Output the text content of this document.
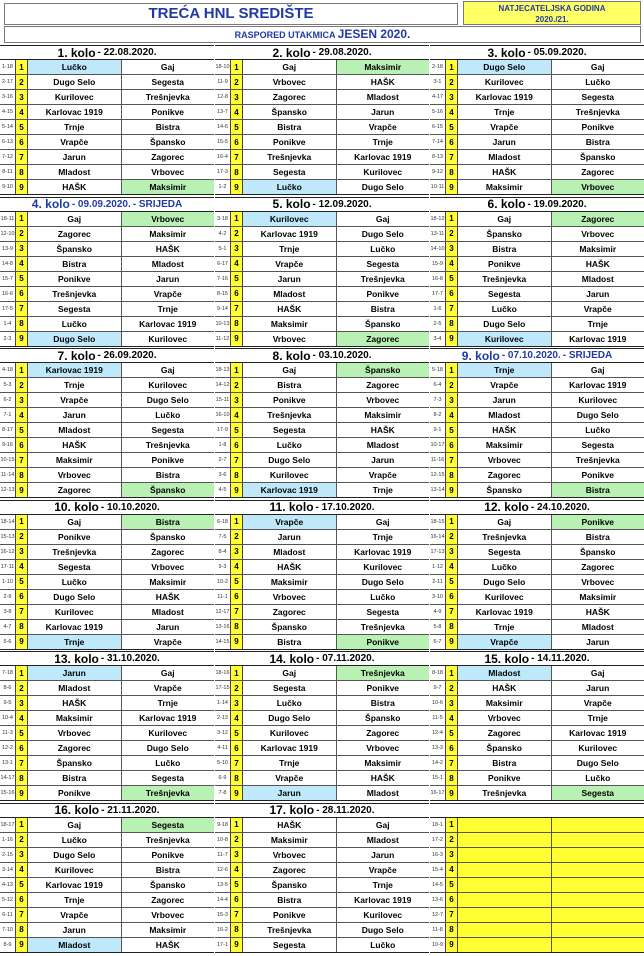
TREĆA HNL SREDIŠTE	NATJECATELJSKA GODINA
2020./21.
RASPORED UTAKMICA JESEN 2020.
1. kolo - 22.08.2020.
1-18 1	Lučko	Gaj
2-17 2	Dugo Selo	Segesta
3-16 3	Kurilovec	Trešnjevka
4-15 4	Karlovac 1919	Ponikve
5-14 5	Trnje	Bistra
6-13 6	Vrapče	Špansko
7-12 7	Jarun	Zagorec
8-11 8	Mladost	Vrbovec
9-10 9	HAŠK	Maksimir
2. kolo - 29.08.2020.
18-10 1	Gaj	Maksimir
11-9 2	Vrbovec	HAŠK
12-8 3	Zagorec	Mladost
13-7 4	Špansko	Jarun
14-6 5	Bistra	Vrapče
15-5 6	Ponikve	Trnje
16-4 7	Trešnjevka	Karlovac 1919
17-3 8	Segesta	Kurilovec
1-2 9	Lučko	Dugo Selo
3. kolo - 05.09.2020.
2-18 1	Dugo Selo	Gaj
3-1 2	Kurilovec	Lučko
4-17 3	Karlovac 1919	Segesta
5-16 4	Trnje	Trešnjevka
6-15 5	Vrapče	Ponikve
7-14 6	Jarun	Bistra
8-13 7	Mladost	Špansko
9-12 8	HAŠK	Zagorec
10-11 9	Maksimir	Vrbovec
4. kolo - 09.09.2020. - SRIJEDA
18-11 1	Gaj	Vrbovec
12-10 2	Zagorec	Maksimir
13-9 3	Špansko	HAŠK
14-8 4	Bistra	Mladost
15-7 5	Ponikve	Jarun
16-6 6	Trešnjevka	Vrapče
17-5 7	Segesta	Trnje
1-4 8	Lučko	Karlovac 1919
2-3 9	Dugo Selo	Kurilovec
5. kolo - 12.09.2020.
3-18 1	Kurilovec	Gaj
4-2 2	Karlovac 1919	Dugo Selo
5-1 3	Trnje	Lučko
6-17 4	Vrapče	Segesta
7-16 5	Jarun	Trešnjevka
8-15 6	Mladost	Ponikve
9-14 7	HAŠK	Bistra
10-13 8	Maksimir	Špansko
11-12 9	Vrbovec	Zagorec
6. kolo - 19.09.2020.
18-12 1	Gaj	Zagorec
13-11 2	Špansko	Vrbovec
14-10 3	Bistra	Maksimir
15-9 4	Ponikve	HAŠK
16-8 5	Trešnjevka	Mladost
17-7 6	Segesta	Jarun
1-6 7	Lučko	Vrapče
2-5 8	Dugo Selo	Trnje
3-4 9	Kurilovec	Karlovac 1919
7. kolo - 26.09.2020.
4-18 1	Karlovac 1919	Gaj
5-3 2	Trnje	Kurilovec
6-2 3	Vrapče	Dugo Selo
7-1 4	Jarun	Lučko
8-17 5	Mladost	Segesta
9-16 6	HAŠK	Trešnjevka
10-15 7	Maksimir	Ponikve
11-14 8	Vrbovec	Bistra
12-13 9	Zagorec	Špansko
8. kolo - 03.10.2020.
18-13 1	Gaj	Špansko
14-12 2	Bistra	Zagorec
15-11 3	Ponikve	Vrbovec
16-10 4	Trešnjevka	Maksimir
17-9 5	Segesta	HAŠK
1-8 6	Lučko	Mladost
2-7 7	Dugo Selo	Jarun
3-6 8	Kurilovec	Vrapče
4-5 9	Karlovac 1919	Trnje
9. kolo - 07.10.2020. - SRIJEDA
5-18 1	Trnje	Gaj
6-4 2	Vrapče	Karlovac 1919
7-3 3	Jarun	Kurilovec
8-2 4	Mladost	Dugo Selo
9-1 5	HAŠK	Lučko
10-17 6	Maksimir	Segesta
11-16 7	Vrbovec	Trešnjevka
12-15 8	Zagorec	Ponikve
13-14 9	Špansko	Bistra
10. kolo - 10.10.2020.
18-14 1	Gaj	Bistra
15-13 2	Ponikve	Špansko
16-12 3	Trešnjevka	Zagorec
17-11 4	Segesta	Vrbovec
1-10 5	Lučko	Maksimir
2-9 6	Dugo Selo	HAŠK
3-8 7	Kurilovec	Mladost
4-7 8	Karlovac 1919	Jarun
5-6 9	Trnje	Vrapče
11. kolo - 17.10.2020.
6-18 1	Vrapče	Gaj
7-5 2	Jarun	Trnje
8-4 3	Mladost	Karlovac 1919
9-3 4	HAŠK	Kurilovec
10-2 5	Maksimir	Dugo Selo
11-1 6	Vrbovec	Lučko
12-17 7	Zagorec	Segesta
13-16 8	Špansko	Trešnjevka
14-15 9	Bistra	Ponikve
12. kolo - 24.10.2020.
18-15 1	Gaj	Ponikve
16-14 2	Trešnjevka	Bistra
17-13 3	Segesta	Špansko
1-12 4	Lučko	Zagorec
2-11 5	Dugo Selo	Vrbovec
3-10 6	Kurilovec	Maksimir
4-9 7	Karlovac 1919	HAŠK
5-8 8	Trnje	Mladost
6-7 9	Vrapče	Jarun
13. kolo - 31.10.2020.
7-18 1	Jarun	Gaj
8-6 2	Mladost	Vrapče
9-5 3	HAŠK	Trnje
10-4 4	Maksimir	Karlovac 1919
11-3 5	Vrbovec	Kurilovec
12-2 6	Zagorec	Dugo Selo
13-1 7	Špansko	Lučko
14-17 8	Bistra	Segesta
15-16 9	Ponikve	Trešnjevka
14. kolo - 07.11.2020.
18-16 1	Gaj	Trešnjevka
17-15 2	Segesta	Ponikve
1-14 3	Lučko	Bistra
2-13 4	Dugo Selo	Špansko
3-12 5	Kurilovec	Zagorec
4-11 6	Karlovac 1919	Vrbovec
5-10 7	Trnje	Maksimir
6-9 8	Vrapče	HAŠK
7-8 9	Jarun	Mladost
15. kolo - 14.11.2020.
8-18 1	Mladost	Gaj
9-7 2	HAŠK	Jarun
10-6 3	Maksimir	Vrapče
11-5 4	Vrbovec	Trnje
12-4 5	Zagorec	Karlovac 1919
13-3 6	Špansko	Kurilovec
14-2 7	Bistra	Dugo Selo
15-1 8	Ponikve	Lučko
16-17 9	Trešnjevka	Segesta
16. kolo - 21.11.2020.
18-17 1	Gaj	Segesta
1-16 2	Lučko	Trešnjevka
2-15 3	Dugo Selo	Ponikve
3-14 4	Kurilovec	Bistra
4-13 5	Karlovac 1919	Špansko
5-12 6	Trnje	Zagorec
6-11 7	Vrapče	Vrbovec
7-10 8	Jarun	Maksimir
8-9 9	Mladost	HAŠK
17. kolo - 28.11.2020.
9-18 1	HAŠK	Gaj
10-8 2	Maksimir	Mladost
11-7 3	Vrbovec	Jarun
12-6 4	Zagorec	Vrapče
13-5 5	Špansko	Trnje
14-4 6	Bistra	Karlovac 1919
15-3 7	Ponikve	Kurilovec
16-2 8	Trešnjevka	Dugo Selo
17-1 9	Segesta	Lučko
18-1 1
17-2 2
16-3 3
15-4 4
14-5 5
13-6 6
12-7 7
11-8 8
10-9 9
